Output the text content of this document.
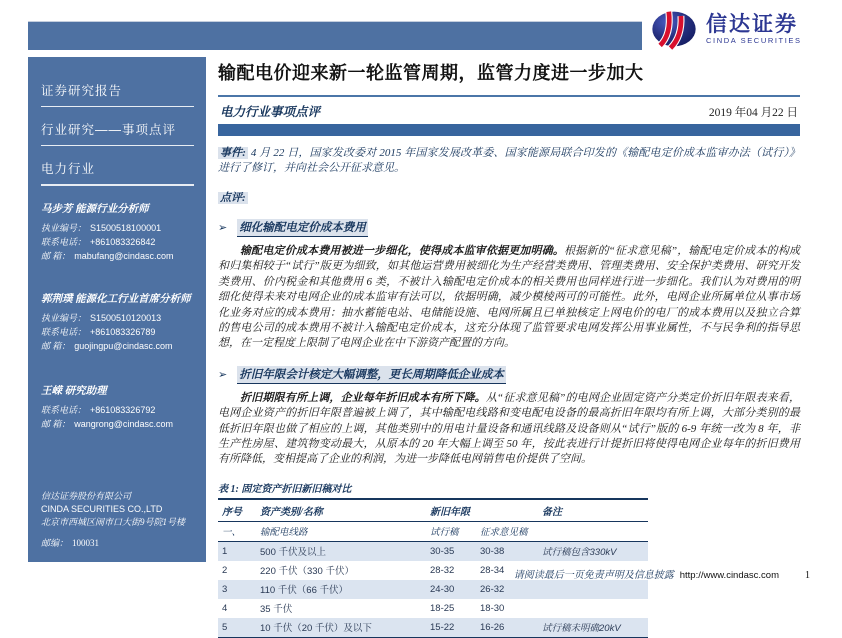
信达证券
CINDA SECURITIES
证券研究报告
行业研究——事项点评
电力行业
马步芳 能源行业分析师
执业编号： S1500518100001
联系电话： +861083326842
邮 箱： mabufang@cindasc.com
郭荆璞 能源化工行业首席分析师
执业编号： S1500510120013
联系电话： +861083326789
邮 箱： guojingpu@cindasc.com
王嵘 研究助理
联系电话： +861083326792
邮 箱： wangrong@cindasc.com
信达证券股份有限公司
CINDA SECURITIES CO.,LTD
北京市西城区闹市口大街9号院1号楼
邮编： 100031
输配电价迎来新一轮监管周期，监管力度进一步加大
电力行业事项点评	2019 年04 月22 日

事件: 4 月 22 日，国家发改委对 2015 年国家发展改革委、国家能源局联合印发的《输配电定价成本监审办法（试行）》进行了修订，并向社会公开征求意见。

点评:

➢ 细化输配电定价成本费用

输配电定价成本费用被进一步细化，使得成本监审依据更加明确。根据新的“征求意见稿”，输配电定价成本的构成和归集相较于“试行”版更为细致，如其他运营费用被细化为生产经营类费用、管理类费用、安全保护类费用、研究开发类费用、价内税金和其他费用 6 类，不被计入输配电定价成本的相关费用也同样进行进一步细化。我们认为对费用的明细化使得未来对电网企业的成本监审有法可以，依据明确，减少模棱两可的可能性。此外，电网企业所属单位从事市场化业务对应的成本费用：抽水蓄能电站、电储能设施、电网所属且已单独核定上网电价的电厂的成本费用以及独立合算的售电公司的成本费用不被计入输配电定价成本，这充分体现了监管要求电网发挥公用事业属性，不与民争利的指导思想，在一定程度上限制了电网企业在中下游资产配置的方向。

➢ 折旧年限会计核定大幅调整，更长周期降低企业成本

折旧期限有所上调，企业每年折旧成本有所下降。从“征求意见稿”的电网企业固定资产分类定价折旧年限表来看，电网企业资产的折旧年限普遍被上调了，其中输配电线路和变电配电设备的最高折旧年限均有所上调，大部分类别的最低折旧年限也做了相应的上调，其他类别中的用电计量设备和通讯线路及设备则从“试行”版的 6-9 年统一改为 8 年，非生产性房屋、建筑物变动最大，从原本的 20 年大幅上调至 50 年，按此表进行计提折旧将使得电网企业每年的折旧费用有所降低，变相提高了企业的利润，为进一步降低电网销售电价提供了空间。

表 1: 固定资产折旧新旧稿对比
序号	资产类别/名称	新旧年限		备注
一、	输配电线路	试行稿	征求意见稿	
1	500 千伏及以上	30-35	30-38	试行稿包含330kV
2	220 千伏（330 千伏）	28-32	28-34	
3	110 千伏（66 千伏）	24-30	26-32	
4	35 千伏	18-25	18-30	
5	10 千伏（20 千伏）及以下	15-22	16-26	试行稿未明确20kV
请阅读最后一页免责声明及信息披露 http://www.cindasc.com	1
